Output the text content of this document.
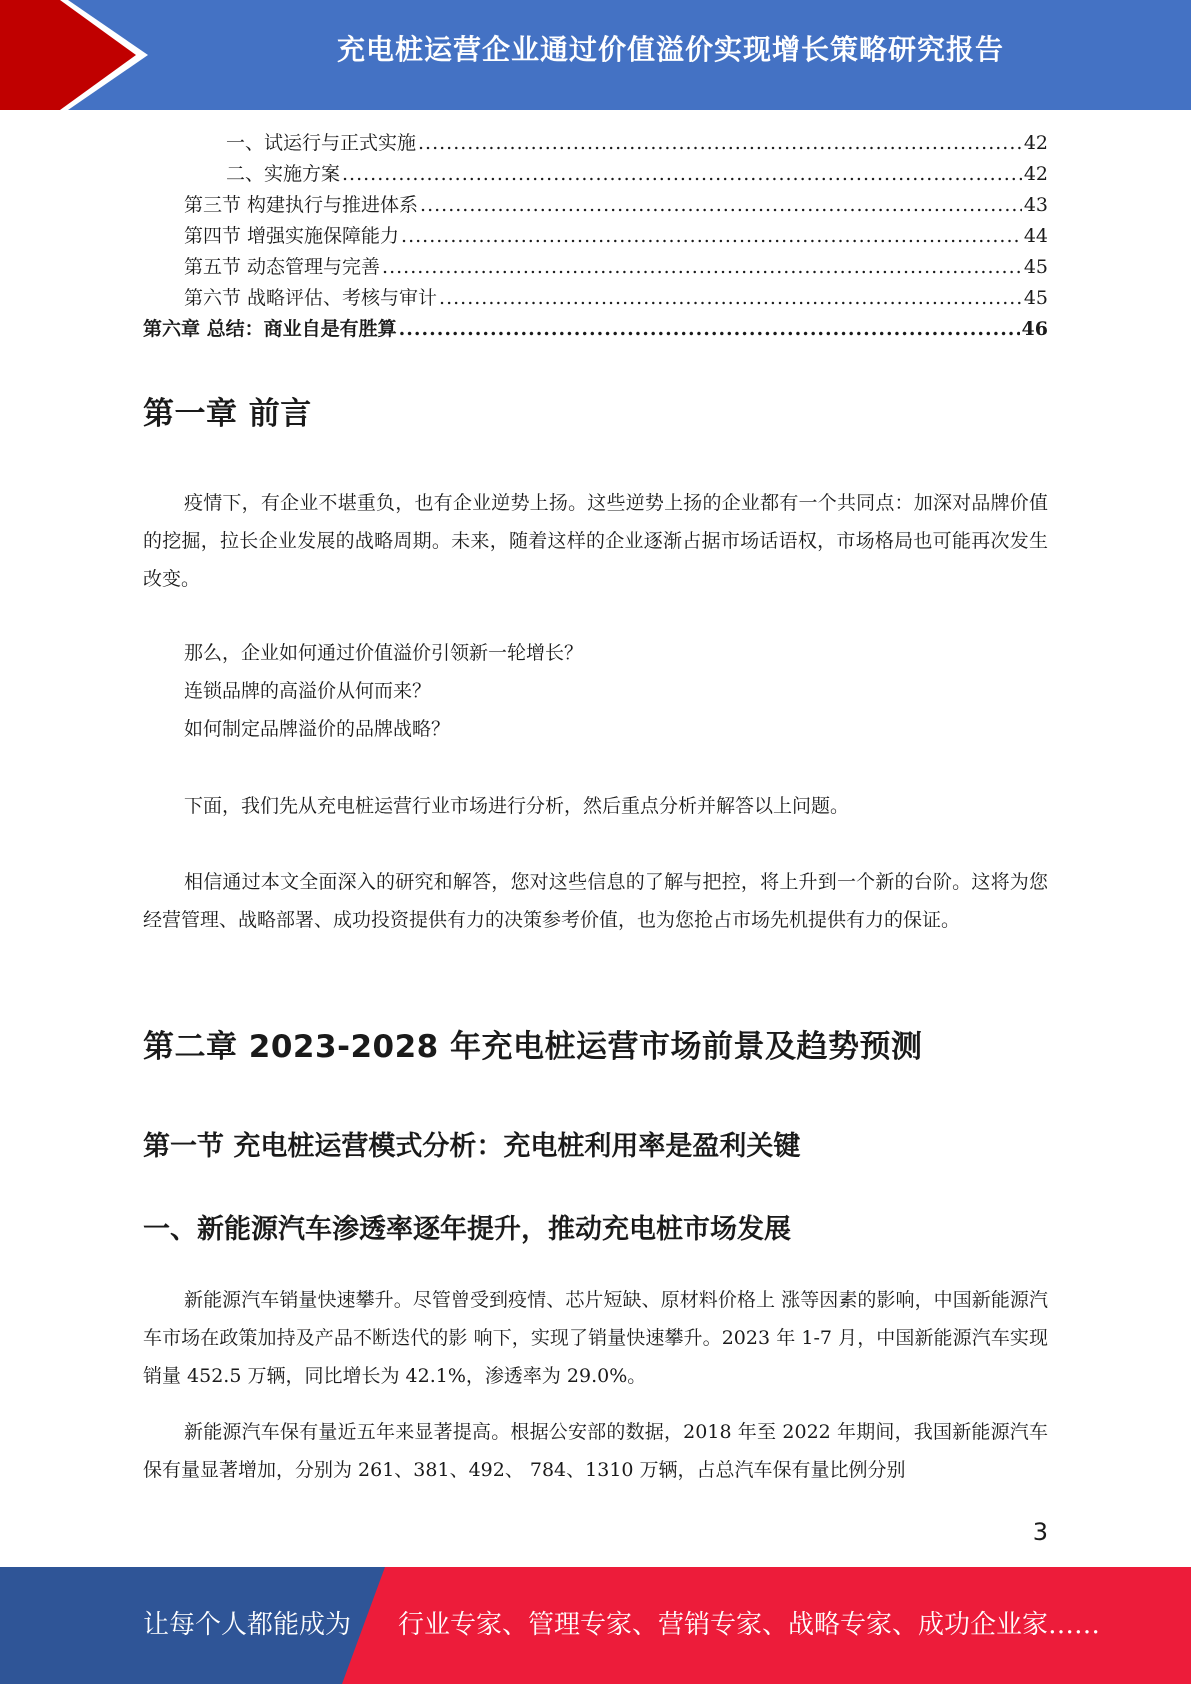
充电桩运营企业通过价值溢价实现增长策略研究报告
一、试运行与正式实施 .....	42
二、实施方案 .....	42
第三节 构建执行与推进体系 .....	43
第四节 增强实施保障能力 .....	44
第五节 动态管理与完善 .....	45
第六节 战略评估、考核与审计 .....	45
第六章 总结：商业自是有胜算 .....	46
第一章 前言

疫情下，有企业不堪重负，也有企业逆势上扬。这些逆势上扬的企业都有一个共同点：加深对品牌价值的挖掘，拉长企业发展的战略周期。未来，随着这样的企业逐渐占据市场话语权，市场格局也可能再次发生改变。

那么，企业如何通过价值溢价引领新一轮增长？

连锁品牌的高溢价从何而来？

如何制定品牌溢价的品牌战略？

下面，我们先从充电桩运营行业市场进行分析，然后重点分析并解答以上问题。

相信通过本文全面深入的研究和解答，您对这些信息的了解与把控，将上升到一个新的台阶。这将为您经营管理、战略部署、成功投资提供有力的决策参考价值，也为您抢占市场先机提供有力的保证。

第二章 2023-2028 年充电桩运营市场前景及趋势预测
第一节 充电桩运营模式分析：充电桩利用率是盈利关键
一、新能源汽车渗透率逐年提升，推动充电桩市场发展

新能源汽车销量快速攀升。尽管曾受到疫情、芯片短缺、原材料价格上 涨等因素的影响，中国新能源汽车市场在政策加持及产品不断迭代的影 响下，实现了销量快速攀升。2023 年 1-7 月，中国新能源汽车实现销量 452.5 万辆，同比增长为 42.1%，渗透率为 29.0%。

新能源汽车保有量近五年来显著提高。根据公安部的数据，2018 年至 2022 年期间，我国新能源汽车保有量显著增加，分别为 261、381、492、 784、1310 万辆，占总汽车保有量比例分别

3
让每个人都能成为 行业专家、管理专家、营销专家、战略专家、成功企业家……
